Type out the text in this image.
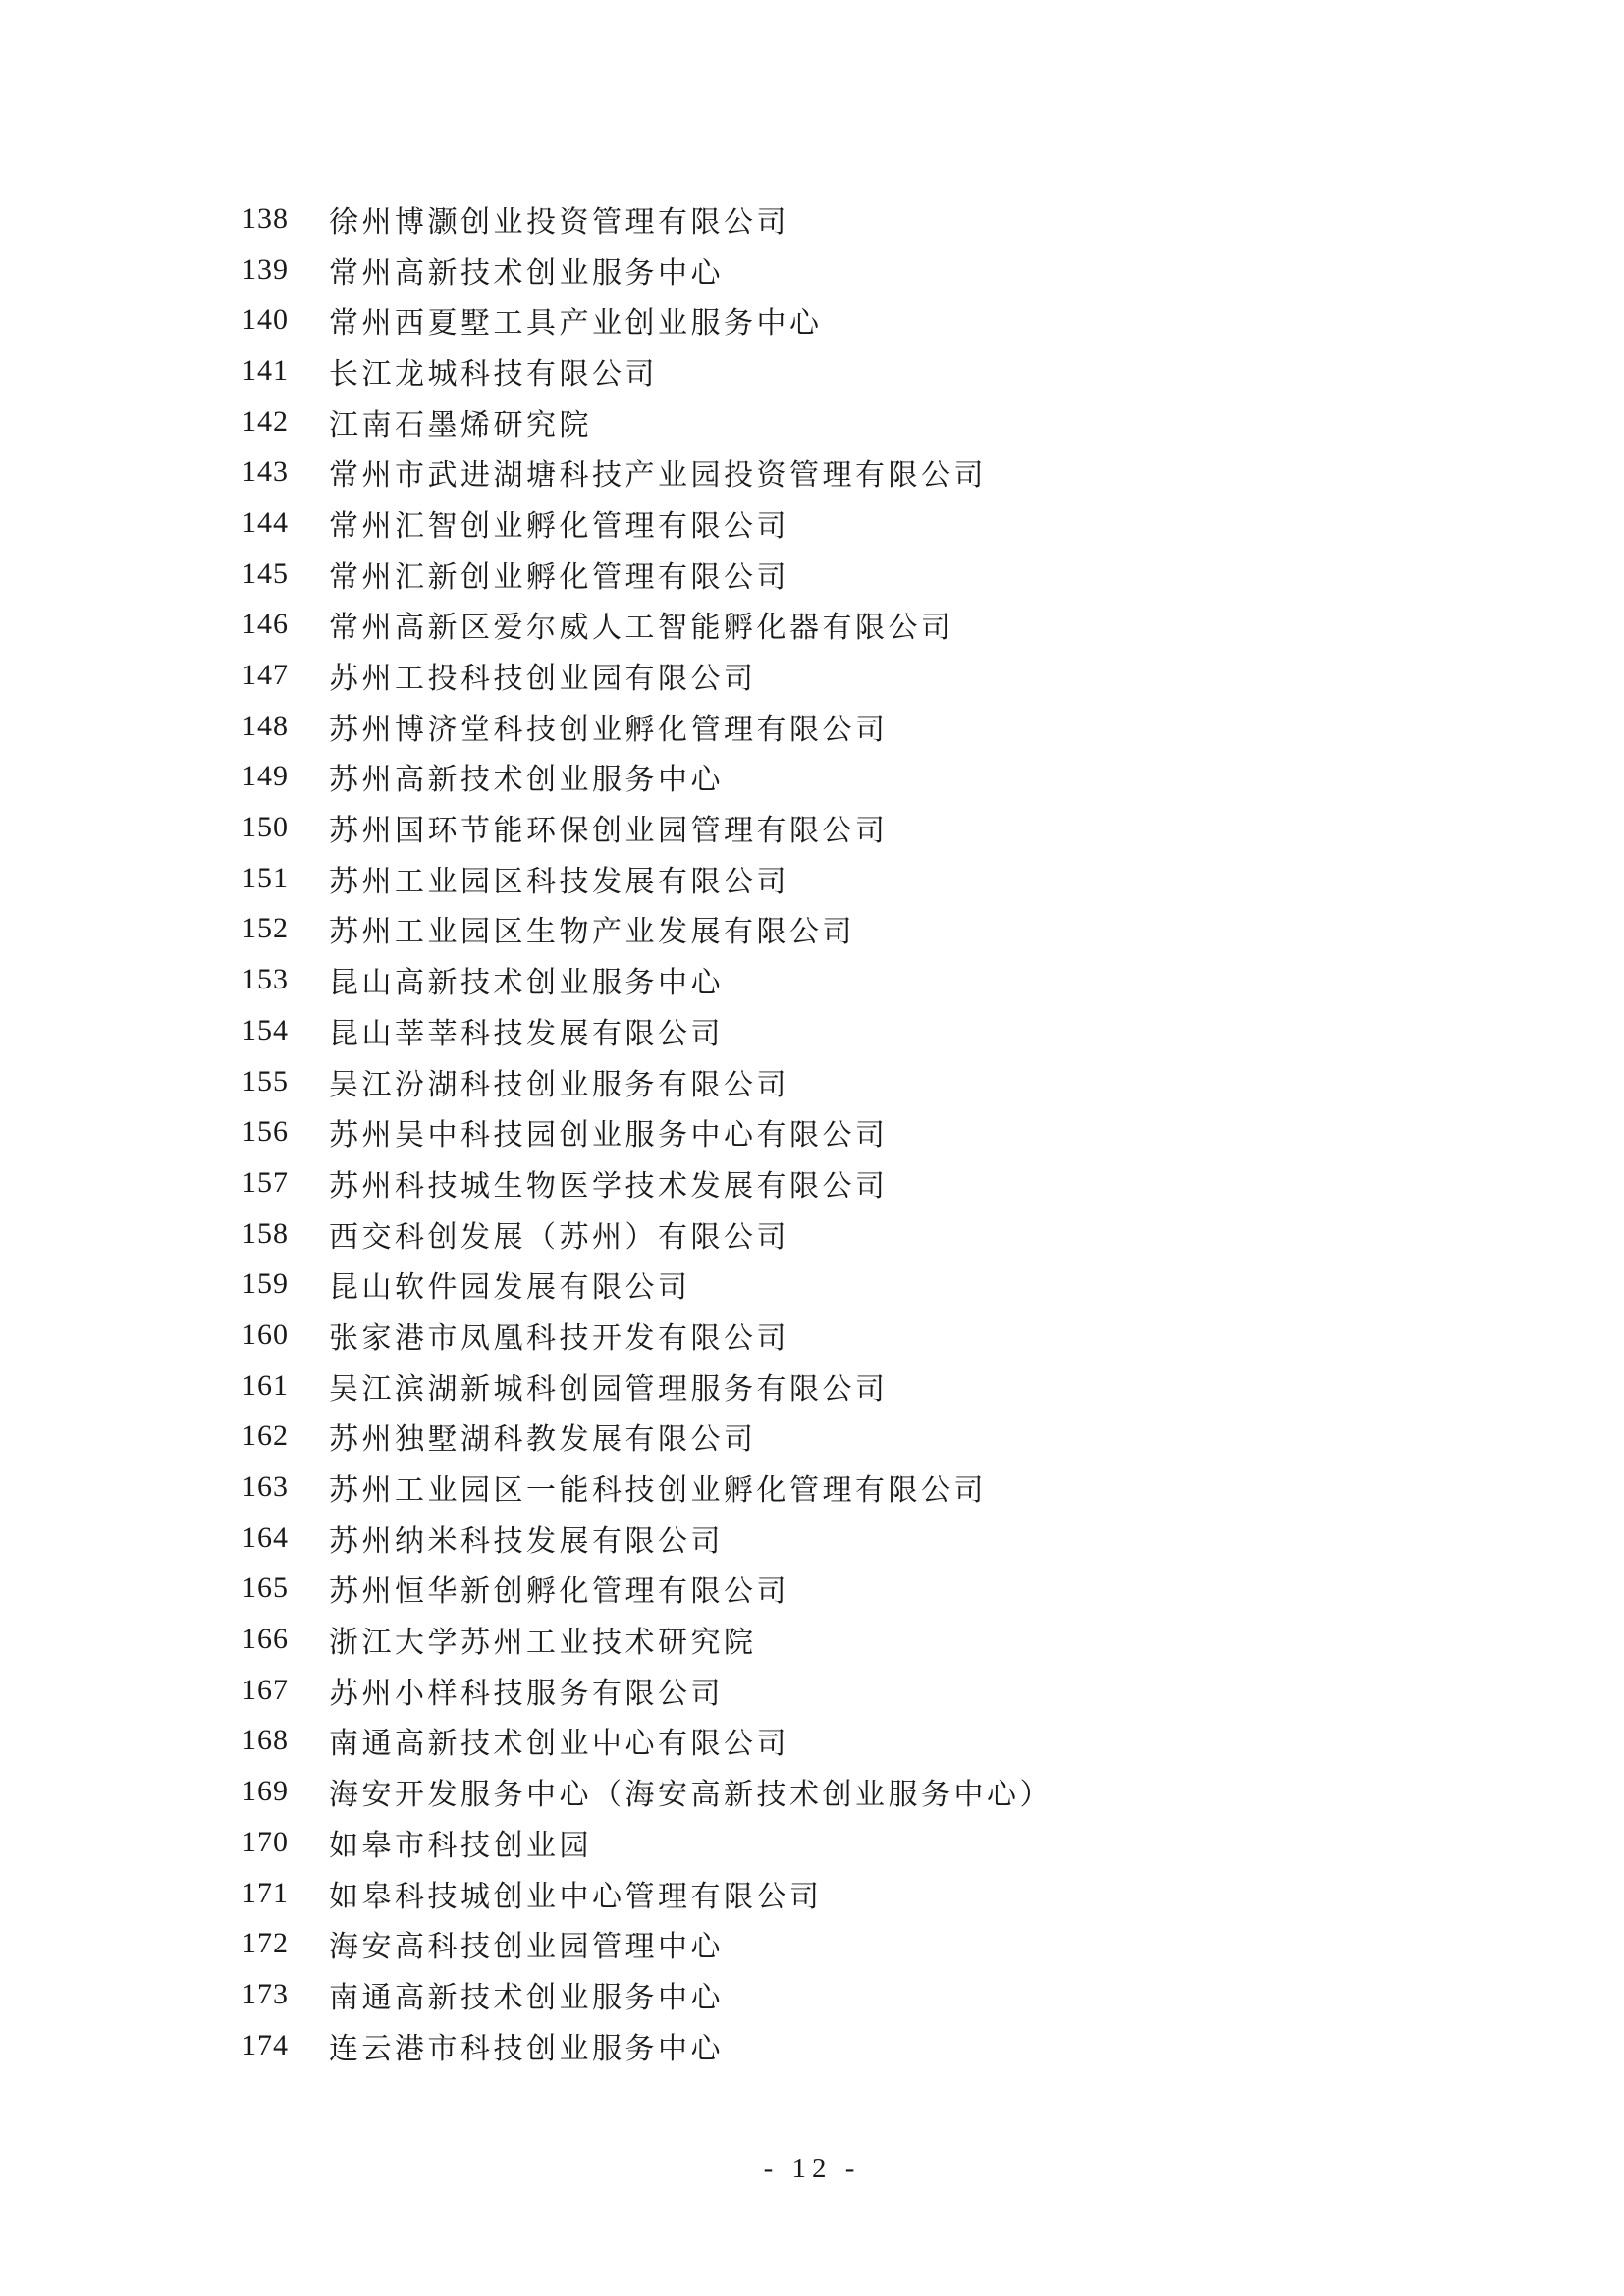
138 徐州博灏创业投资管理有限公司
139 常州高新技术创业服务中心
140 常州西夏墅工具产业创业服务中心
141 长江龙城科技有限公司
142 江南石墨烯研究院
143 常州市武进湖塘科技产业园投资管理有限公司
144 常州汇智创业孵化管理有限公司
145 常州汇新创业孵化管理有限公司
146 常州高新区爱尔威人工智能孵化器有限公司
147 苏州工投科技创业园有限公司
148 苏州博济堂科技创业孵化管理有限公司
149 苏州高新技术创业服务中心
150 苏州国环节能环保创业园管理有限公司
151 苏州工业园区科技发展有限公司
152 苏州工业园区生物产业发展有限公司
153 昆山高新技术创业服务中心
154 昆山莘莘科技发展有限公司
155 吴江汾湖科技创业服务有限公司
156 苏州吴中科技园创业服务中心有限公司
157 苏州科技城生物医学技术发展有限公司
158 西交科创发展（苏州）有限公司
159 昆山软件园发展有限公司
160 张家港市凤凰科技开发有限公司
161 吴江滨湖新城科创园管理服务有限公司
162 苏州独墅湖科教发展有限公司
163 苏州工业园区一能科技创业孵化管理有限公司
164 苏州纳米科技发展有限公司
165 苏州恒华新创孵化管理有限公司
166 浙江大学苏州工业技术研究院
167 苏州小样科技服务有限公司
168 南通高新技术创业中心有限公司
169 海安开发服务中心（海安高新技术创业服务中心）
170 如皋市科技创业园
171 如皋科技城创业中心管理有限公司
172 海安高科技创业园管理中心
173 南通高新技术创业服务中心
174 连云港市科技创业服务中心
- 12 -
